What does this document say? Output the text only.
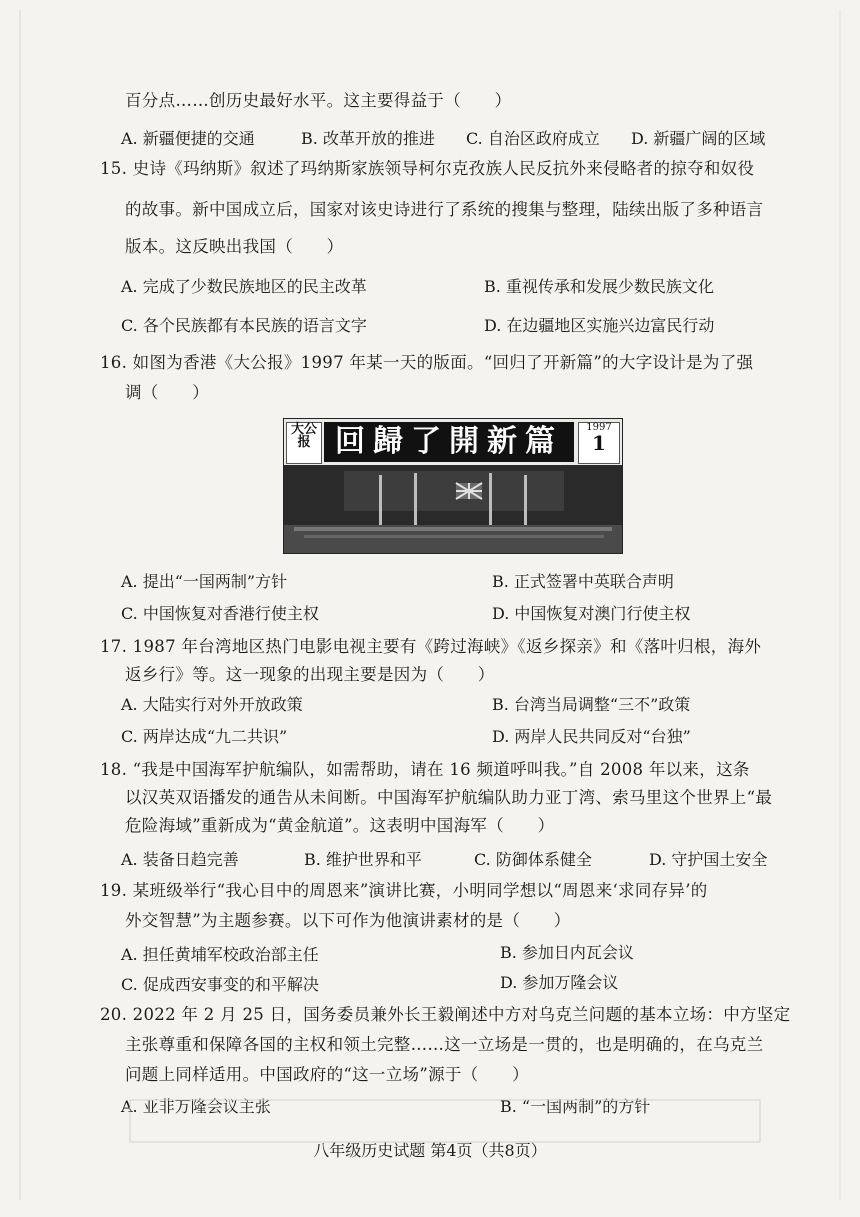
百分点……创历史最好水平。这主要得益于（　　）
A. 新疆便捷的交通	B. 改革开放的推进 C. 自治区政府成立 D. 新疆广阔的区域
15. 史诗《玛纳斯》叙述了玛纳斯家族领导柯尔克孜族人民反抗外来侵略者的掠夺和奴役
的故事。新中国成立后，国家对该史诗进行了系统的搜集与整理，陆续出版了多种语言
版本。这反映出我国（　　）
A. 完成了少数民族地区的民主改革	B. 重视传承和发展少数民族文化
C. 各个民族都有本民族的语言文字	D. 在边疆地区实施兴边富民行动
16. 如图为香港《大公报》1997 年某一天的版面。“回归了开新篇”的大字设计是为了强
调（　　）
大公报 回歸了開新篇	1997
1
A. 提出“一国两制”方针	B. 正式签署中英联合声明
C. 中国恢复对香港行使主权	D. 中国恢复对澳门行使主权
17. 1987 年台湾地区热门电影电视主要有《跨过海峡》《返乡探亲》和《落叶归根，海外
返乡行》等。这一现象的出现主要是因为（　　）
A. 大陆实行对外开放政策	B. 台湾当局调整“三不”政策
C. 两岸达成“九二共识”	D. 两岸人民共同反对“台独”
18. “我是中国海军护航编队，如需帮助，请在 16 频道呼叫我。”自 2008 年以来，这条
以汉英双语播发的通告从未间断。中国海军护航编队助力亚丁湾、索马里这个世界上“最
危险海域”重新成为“黄金航道”。这表明中国海军（　　）
A. 装备日趋完善	B. 维护世界和平	C. 防御体系健全	D. 守护国土安全
19. 某班级举行“我心目中的周恩来”演讲比赛，小明同学想以“周恩来‘求同存异’的
外交智慧”为主题参赛。以下可作为他演讲素材的是（　　）
A. 担任黄埔军校政治部主任	B. 参加日内瓦会议
C. 促成西安事变的和平解决	D. 参加万隆会议
20. 2022 年 2 月 25 日，国务委员兼外长王毅阐述中方对乌克兰问题的基本立场：中方坚定
主张尊重和保障各国的主权和领土完整……这一立场是一贯的，也是明确的，在乌克兰
问题上同样适用。中国政府的“这一立场”源于（　　）
A. 亚非万隆会议主张	B. “一国两制”的方针
八年级历史试题 第4页（共8页）
